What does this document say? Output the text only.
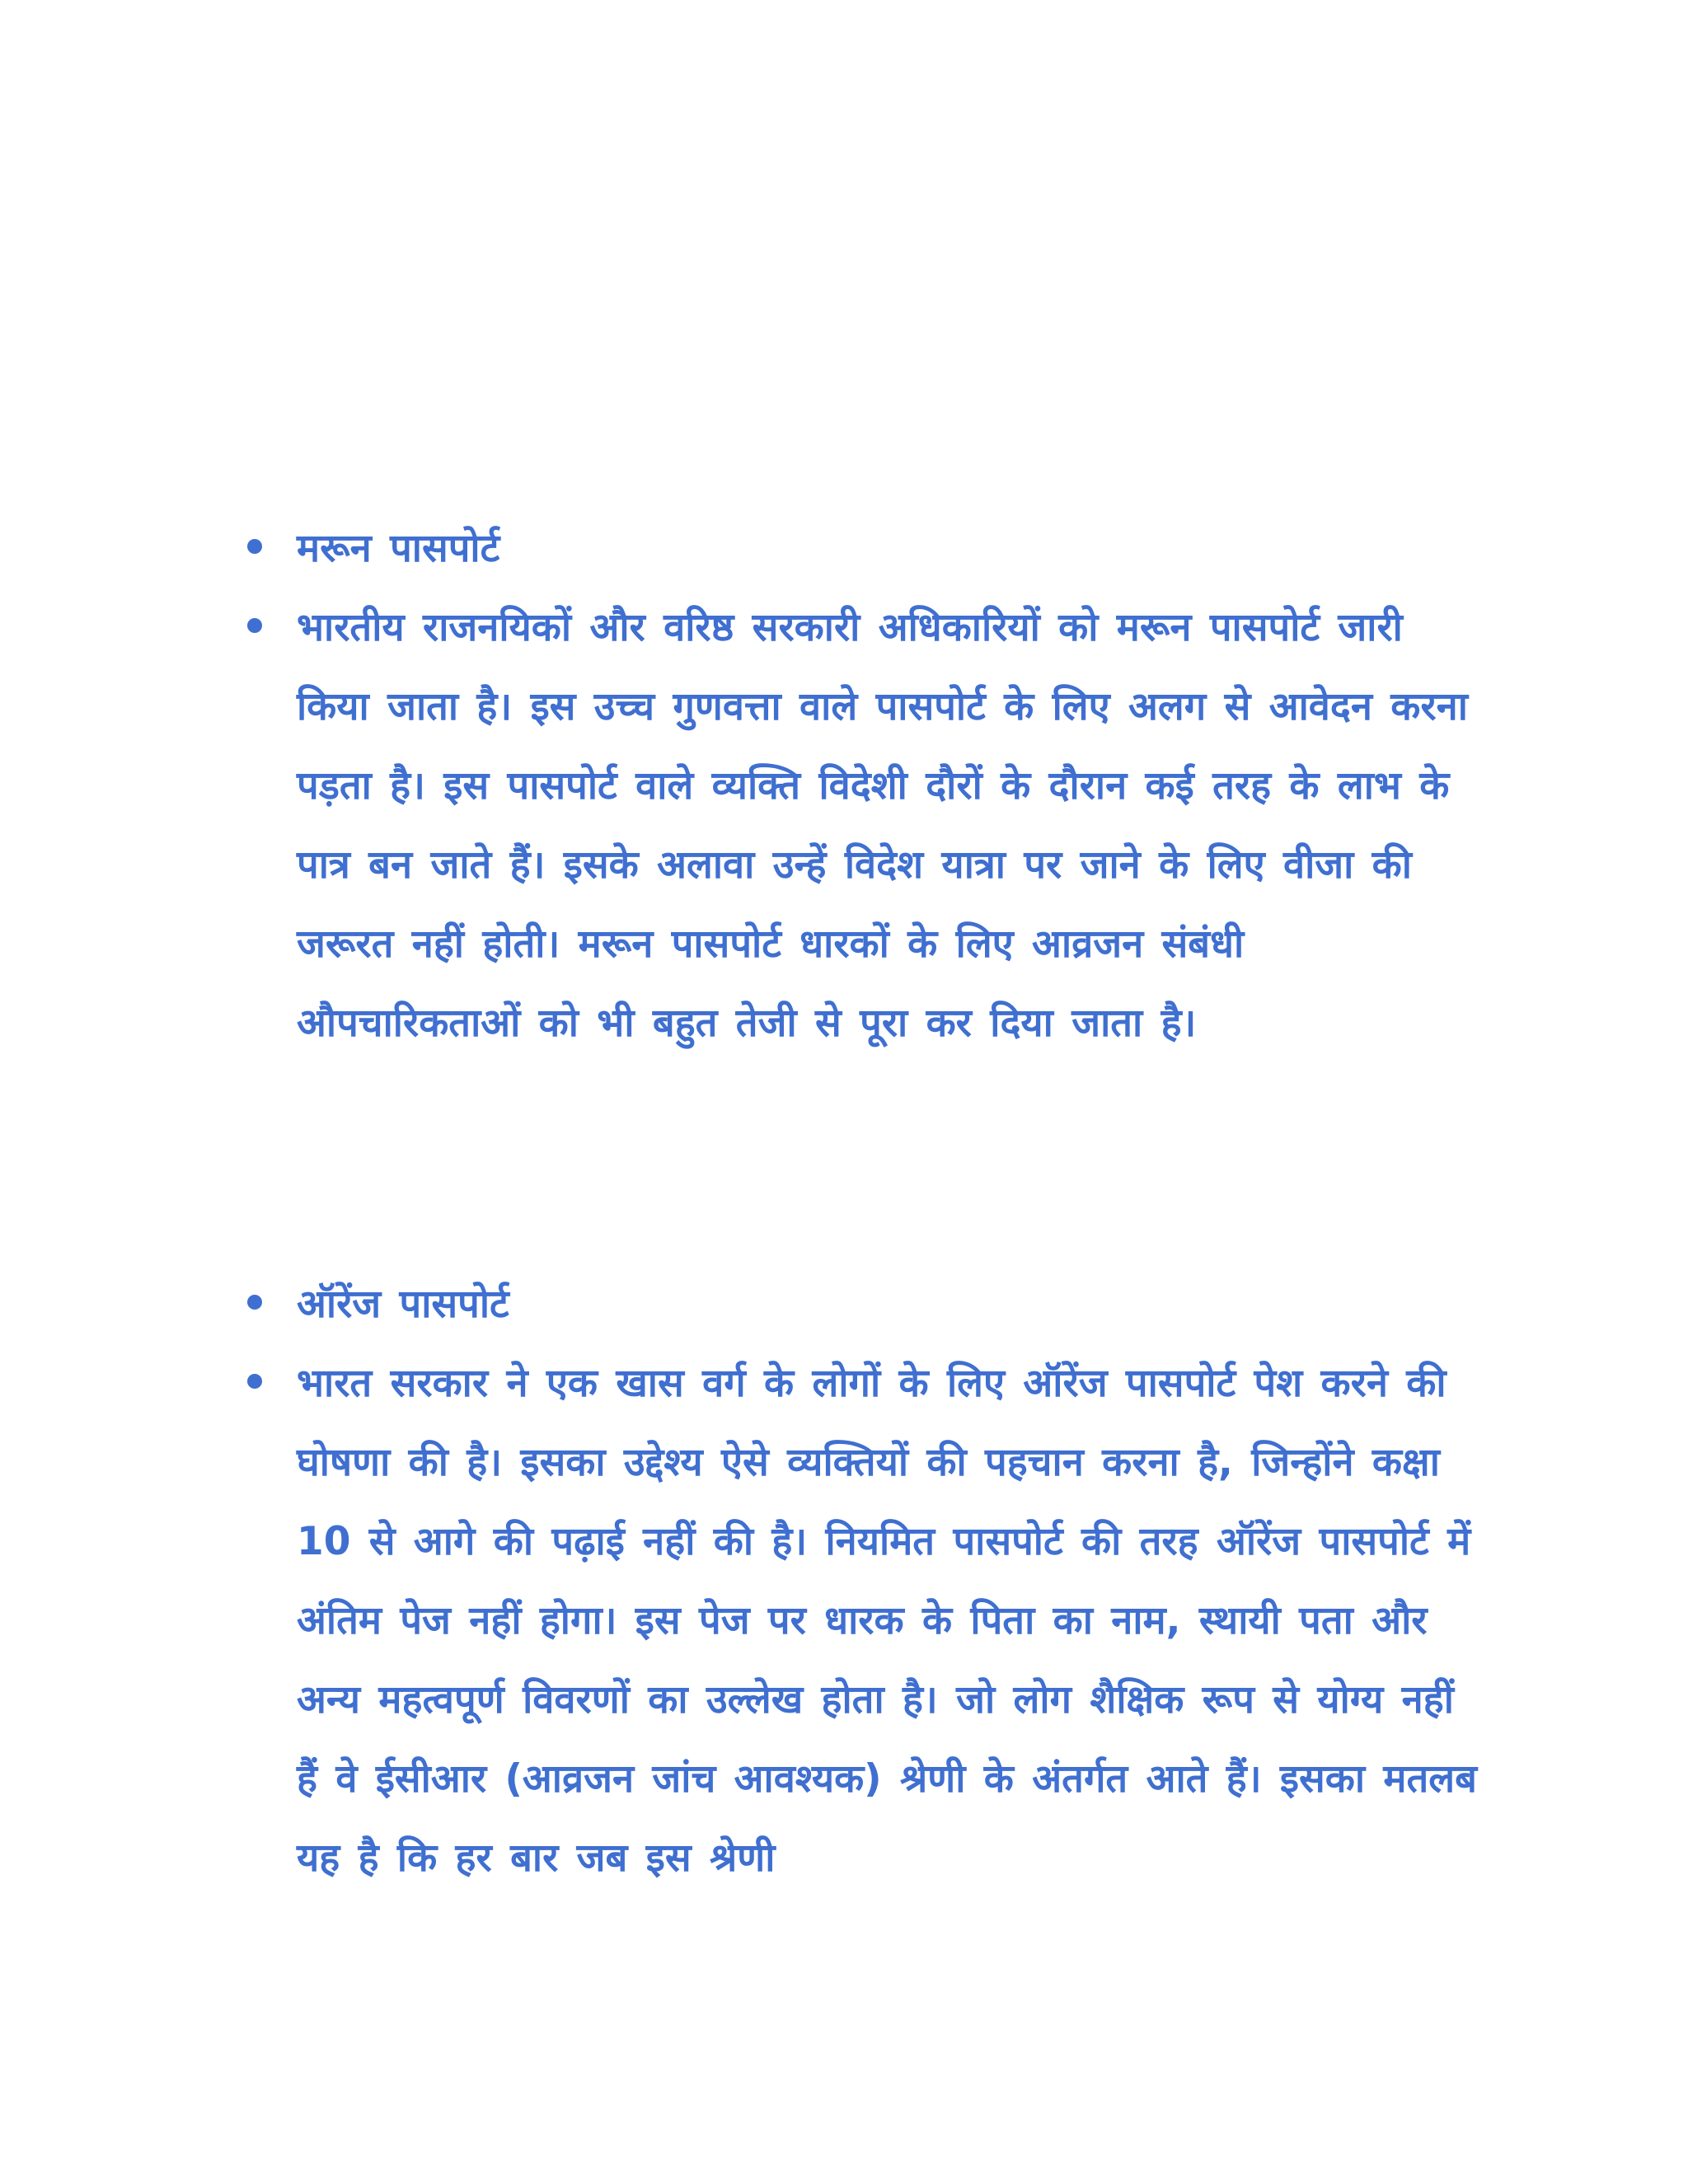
मरून पासपोर्ट
भारतीय राजनयिकों और वरिष्ठ सरकारी अधिकारियों को मरून पासपोर्ट जारी किया जाता है। इस उच्च गुणवत्ता वाले पासपोर्ट के लिए अलग से आवेदन करना पड़ता है। इस पासपोर्ट वाले व्यक्ति विदेशी दौरों के दौरान कई तरह के लाभ के पात्र बन जाते हैं। इसके अलावा उन्हें विदेश यात्रा पर जाने के लिए वीजा की जरूरत नहीं होती। मरून पासपोर्ट धारकों के लिए आव्रजन संबंधी औपचारिकताओं को भी बहुत तेजी से पूरा कर दिया जाता है।
ऑरेंज पासपोर्ट
भारत सरकार ने एक खास वर्ग के लोगों के लिए ऑरेंज पासपोर्ट पेश करने की घोषणा की है। इसका उद्देश्य ऐसे व्यक्तियों की पहचान करना है, जिन्होंने कक्षा 10 से आगे की पढ़ाई नहीं की है। नियमित पासपोर्ट की तरह ऑरेंज पासपोर्ट में अंतिम पेज नहीं होगा। इस पेज पर धारक के पिता का नाम, स्थायी पता और अन्य महत्वपूर्ण विवरणों का उल्लेख होता है। जो लोग शैक्षिक रूप से योग्य नहीं हैं वे ईसीआर (आव्रजन जांच आवश्यक) श्रेणी के अंतर्गत आते हैं। इसका मतलब यह है कि हर बार जब इस श्रेणी
